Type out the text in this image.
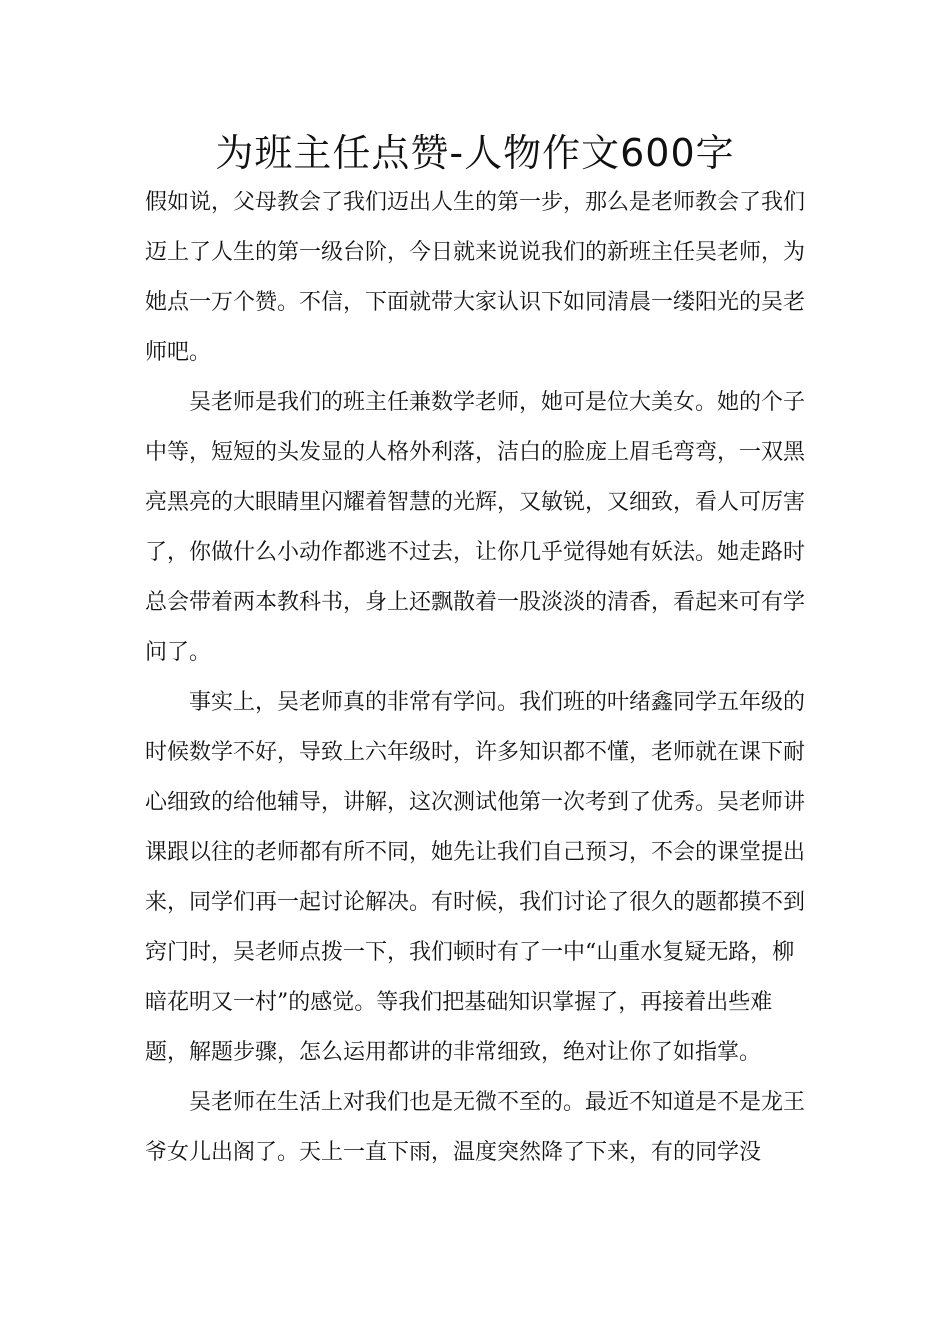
为班主任点赞-人物作文600字

假如说，父母教会了我们迈出人生的第一步，那么是老师教会了我们迈上了人生的第一级台阶，今日就来说说我们的新班主任吴老师，为她点一万个赞。不信，下面就带大家认识下如同清晨一缕阳光的吴老师吧。

吴老师是我们的班主任兼数学老师，她可是位大美女。她的个子中等，短短的头发显的人格外利落，洁白的脸庞上眉毛弯弯，一双黑亮黑亮的大眼睛里闪耀着智慧的光辉，又敏锐，又细致，看人可厉害了，你做什么小动作都逃不过去，让你几乎觉得她有妖法。她走路时总会带着两本教科书，身上还飘散着一股淡淡的清香，看起来可有学问了。

事实上，吴老师真的非常有学问。我们班的叶绪鑫同学五年级的时候数学不好，导致上六年级时，许多知识都不懂，老师就在课下耐心细致的给他辅导，讲解，这次测试他第一次考到了优秀。吴老师讲课跟以往的老师都有所不同，她先让我们自己预习，不会的课堂提出来，同学们再一起讨论解决。有时候，我们讨论了很久的题都摸不到窍门时，吴老师点拨一下，我们顿时有了一中“山重水复疑无路，柳暗花明又一村”的感觉。等我们把基础知识掌握了，再接着出些难题，解题步骤，怎么运用都讲的非常细致，绝对让你了如指掌。

吴老师在生活上对我们也是无微不至的。最近不知道是不是龙王爷女儿出阁了。天上一直下雨，温度突然降了下来，有的同学没
